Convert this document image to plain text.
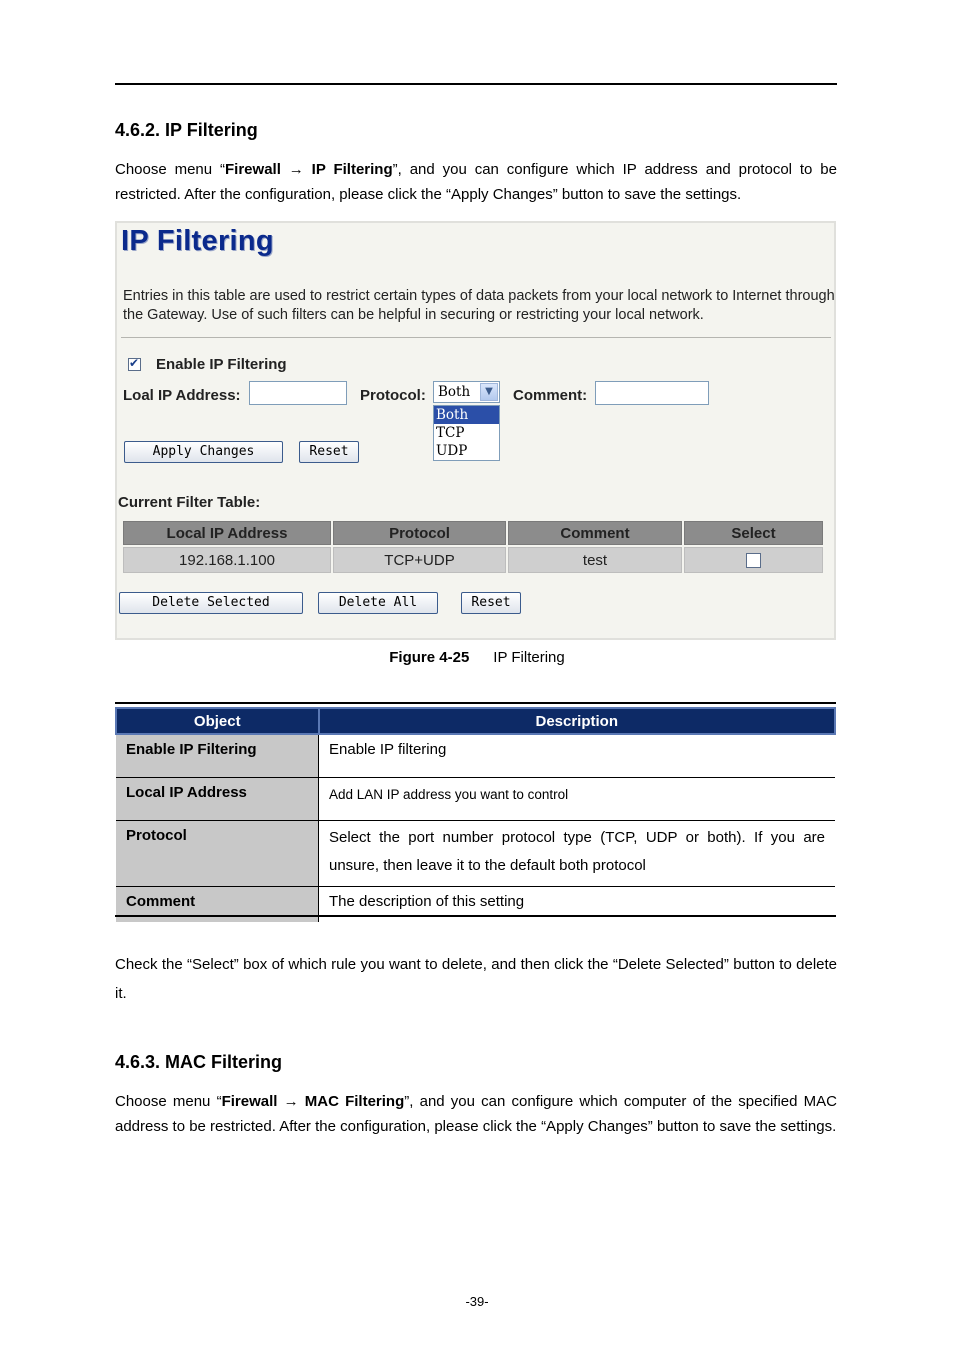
4.6.2. IP Filtering
Choose menu “Firewall → IP Filtering”, and you can configure which IP address and protocol to be restricted. After the configuration, please click the “Apply Changes” button to save the settings.
IP Filtering
Entries in this table are used to restrict certain types of data packets from your local network to Internet through the Gateway. Use of such filters can be helpful in securing or restricting your local network.
✔
Enable IP Filtering
Loal IP Address:	Protocol: Both	▼
Both
TCP
UDP
Comment:
Apply Changes	Reset
Current Filter Table:
Local IP Address	Protocol	Comment	Select
192.168.1.100	TCP+UDP	test	
Delete Selected	Delete All	Reset
Figure 4-25 IP Filtering
Object	Description
Enable IP Filtering	Enable IP filtering
Local IP Address	Add LAN IP address you want to control
Protocol	Select the port number protocol type (TCP, UDP or both). If you are unsure, then leave it to the default both protocol
Comment	The description of this setting
Check the “Select” box of which rule you want to delete, and then click the “Delete Selected” button to delete it.
4.6.3. MAC Filtering
Choose menu “Firewall → MAC Filtering”, and you can configure which computer of the specified MAC address to be restricted. After the configuration, please click the “Apply Changes” button to save the settings.
-39-
